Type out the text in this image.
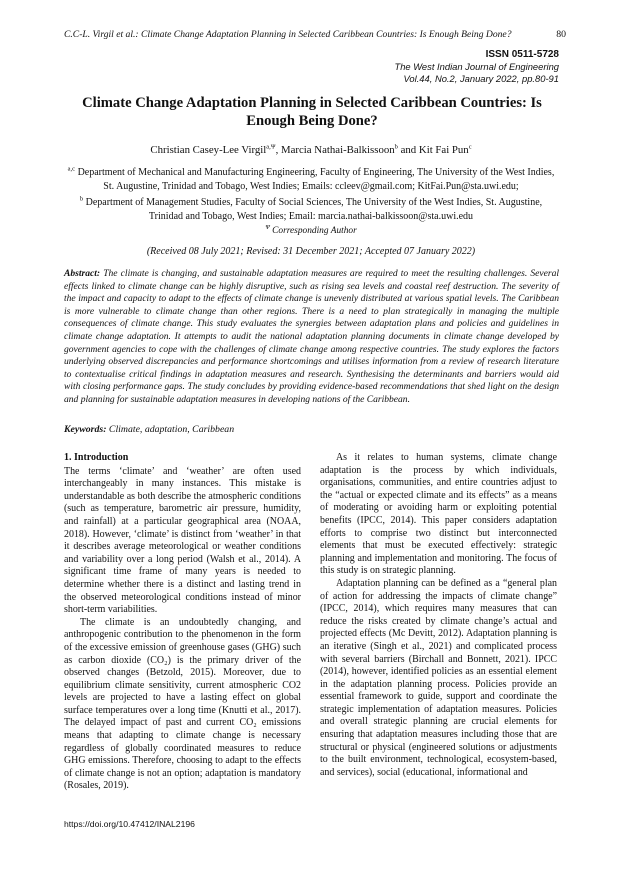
C.C-L. Virgil et al.: Climate Change Adaptation Planning in Selected Caribbean Countries: Is Enough Being Done?	80
ISSN 0511-5728
The West Indian Journal of Engineering
Vol.44, No.2, January 2022, pp.80-91
Climate Change Adaptation Planning in Selected Caribbean Countries: Is Enough Being Done?
Christian Casey-Lee Virgil$^{a,\Psi}$, Marcia Nathai-Balkissoon$^b$ and Kit Fai Pun$^c$
$^{a,c}$ Department of Mechanical and Manufacturing Engineering, Faculty of Engineering, The University of the West Indies, St. Augustine, Trinidad and Tobago, West Indies; Emails: ccleev@gmail.com; KitFai.Pun@sta.uwi.edu;
$^b$ Department of Management Studies, Faculty of Social Sciences, The University of the West Indies, St. Augustine, Trinidad and Tobago, West Indies; Email: marcia.nathai-balkissoon@sta.uwi.edu
$^\Psi$ Corresponding Author
(Received 08 July 2021; Revised: 31 December 2021; Accepted 07 January 2022)
Abstract: The climate is changing, and sustainable adaptation measures are required to meet the resulting challenges. Several effects linked to climate change can be highly disruptive, such as rising sea levels and coastal reef destruction. The severity of the impact and capacity to adapt to the effects of climate change is unevenly distributed at various spatial levels. The Caribbean is more vulnerable to climate change than other regions. There is a need to plan strategically in managing the multiple consequences of climate change. This study evaluates the synergies between adaptation plans and policies and guidelines in climate change adaptation. It attempts to audit the national adaptation planning documents in climate change developed by government agencies to cope with the challenges of climate change among respective countries. The study explores the factors underlying observed discrepancies and performance shortcomings and utilises information from a review of research literature to contextualise critical findings in adaptation measures and research. Synthesising the determinants and barriers would aid with closing performance gaps. The study concludes by providing evidence-based recommendations that shed light on the design and planning for sustainable adaptation measures in developing nations of the Caribbean.
Keywords: Climate, adaptation, Caribbean
1. Introduction

The terms ‘climate’ and ‘weather’ are often used interchangeably in many instances. This mistake is understandable as both describe the atmospheric conditions (such as temperature, barometric air pressure, humidity, and rainfall) at a particular geographical area (NOAA, 2018). However, ‘climate’ is distinct from ‘weather’ in that it describes average meteorological or weather conditions and variability over a long period (Walsh et al., 2014). A significant time frame of many years is needed to determine whether there is a distinct and lasting trend in the observed meteorological conditions instead of minor short-term variabilities.

The climate is an undoubtedly changing, and anthropogenic contribution to the phenomenon in the form of the excessive emission of greenhouse gases (GHG) such as carbon dioxide (CO₂) is the primary driver of the observed changes (Betzold, 2015). Moreover, due to equilibrium climate sensitivity, current atmospheric CO2 levels are projected to have a lasting effect on global surface temperatures over a long time (Knutti et al., 2017). The delayed impact of past and current CO₂ emissions means that adapting to climate change is necessary regardless of globally coordinated measures to reduce GHG emissions. Therefore, choosing to adapt to the effects of climate change is not an option; adaptation is mandatory (Rosales, 2019).

As it relates to human systems, climate change adaptation is the process by which individuals, organisations, communities, and entire countries adjust to the “actual or expected climate and its effects” as a means of moderating or avoiding harm or exploiting potential benefits (IPCC, 2014). This paper considers adaptation efforts to comprise two distinct but interconnected elements that must be executed effectively: strategic planning and implementation and monitoring. The focus of this study is on strategic planning.

Adaptation planning can be defined as a “general plan of action for addressing the impacts of climate change” (IPCC, 2014), which requires many measures that can reduce the risks created by climate change’s actual and projected effects (Mc Devitt, 2012). Adaptation planning is an iterative (Singh et al., 2021) and complicated process with several barriers (Birchall and Bonnett, 2021). IPCC (2014), however, identified policies as an essential element in the adaptation planning process. Policies provide an essential framework to guide, support and coordinate the strategic implementation of adaptation measures. Policies and overall strategic planning are crucial elements for ensuring that adaptation measures including those that are structural or physical (engineered solutions or adjustments to the built environment, technological, ecosystem-based, and services), social (educational, informational and

https://doi.org/10.47412/INAL2196
